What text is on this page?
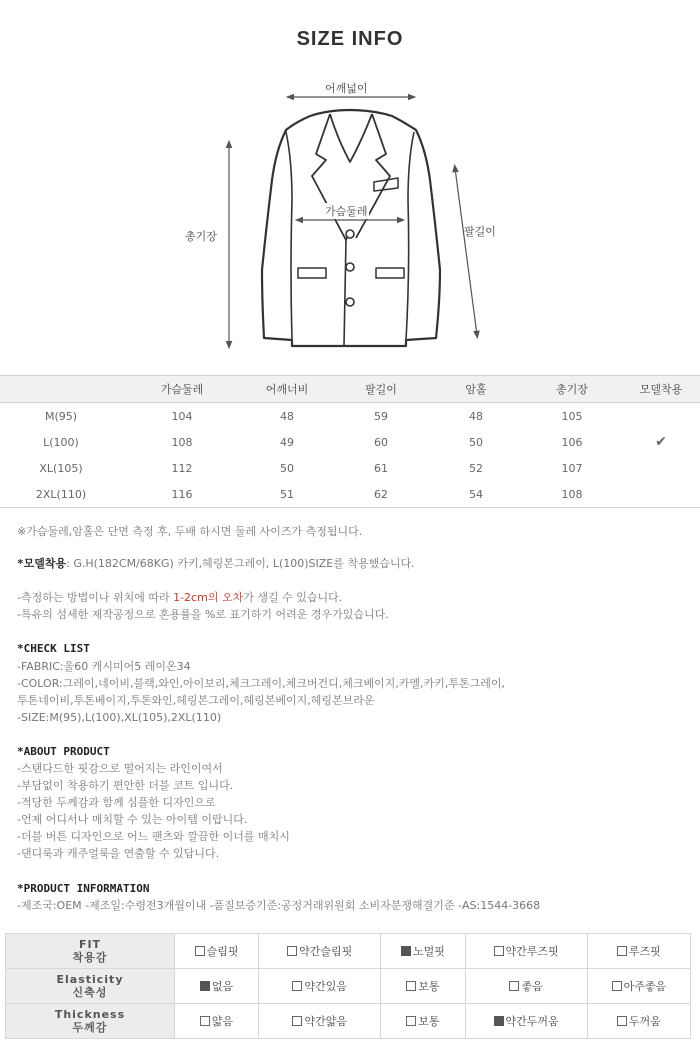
SIZE INFO
어깨넓이
가슴둘레
총기장	팔길이
	가슴둘레	어깨너비	팔길이	암홀	총기장	모델착용
M(95)	104	48	59	48	105	
L(100)	108	49	60	50	106	✔
XL(105)	112	50	61	52	107	
2XL(110)	116	51	62	54	108	
※가슴둘레,암홀은 단면 측정 후, 두배 하시면 둘레 사이즈가 측정됩니다.
*모델착용: G.H(182CM/68KG) 카키,헤링본그레이, L(100)SIZE를 착용했습니다.
-측정하는 방법이나 위치에 따라 1-2cm의 오차가 생길 수 있습니다.
-특유의 섬세한 제작공정으로 혼용률을 %로 표기하기 어려운 경우가있습니다.
*CHECK LIST
-FABRIC:울60 캐시미어5 레이온34
-COLOR:그레이,네이비,블랙,와인,아이보리,체크그레이,체크버건디,체크베이지,카멜,카키,투톤그레이,
투톤네이비,투톤베이지,투톤와인,헤링본그레이,헤링본베이지,헤링본브라운
-SIZE:M(95),L(100),XL(105),2XL(110)
*ABOUT PRODUCT
-스탠다드한 핏감으로 떨어지는 라인이여서
-부담없이 착용하기 편안한 더블 코트 입니다.
-적당한 두께감과 함께 심플한 디자인으로
-언제 어디서나 매치할 수 있는 아이템 이랍니다.
-더블 버튼 디자인으로 어느 팬츠와 깔끔한 이너를 매치시
-댄디룩과 캐주얼룩을 연출할 수 있답니다.
*PRODUCT INFORMATION
-제조국:OEM -제조일:수령전3개월이내 -품질보증기준:공정거래위원회 소비자분쟁해결기준 -AS:1544-3668
FIT
착용감	슬림핏	약간슬림핏	노멀핏	약간루즈핏	루즈핏
Elasticity
신축성	없음	약간있음	보통	좋음	아주좋음
Thickness
두께감	얇음	약간얇음	보통	약간두꺼움	두꺼움
